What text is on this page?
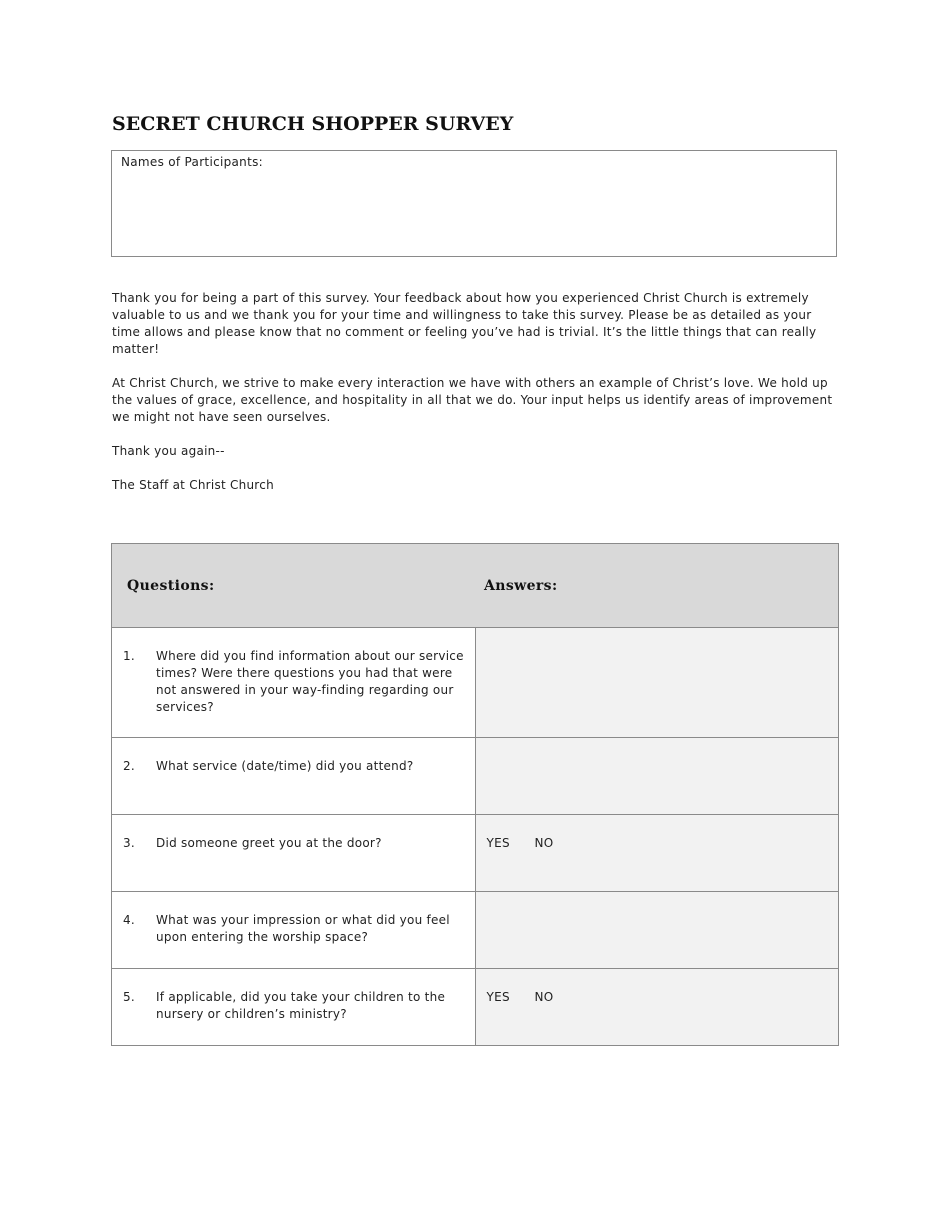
SECRET CHURCH SHOPPER SURVEY
Names of Participants:

Thank you for being a part of this survey. Your feedback about how you experienced Christ Church is extremely valuable to us and we thank you for your time and willingness to take this survey. Please be as detailed as your time allows and please know that no comment or feeling you’ve had is trivial. It’s the little things that can really matter!

At Christ Church, we strive to make every interaction we have with others an example of Christ’s love. We hold up the values of grace, excellence, and hospitality in all that we do. Your input helps us identify areas of improvement we might not have seen ourselves.

Thank you again--

The Staff at Christ Church

Questions:	Answers:

1. Where did you find information about our service times? Were there questions you had that were not answered in your way-finding regarding our services?	

2. What service (date/time) did you attend?	

3. Did someone greet you at the door?	YES NO

4. What was your impression or what did you feel upon entering the worship space?	

5. If applicable, did you take your children to the nursery or children’s ministry?	YES NO
